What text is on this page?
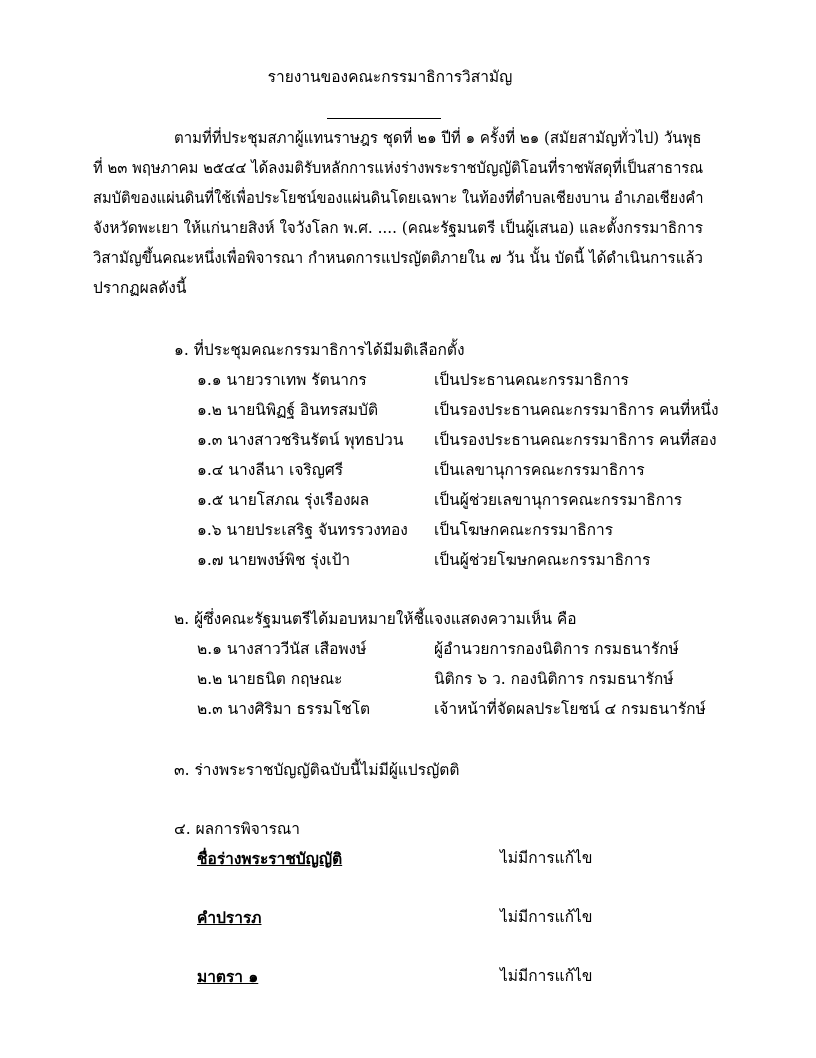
รายงานของคณะกรรมาธิการวิสามัญ
ตามที่ที่ประชุมสภาผู้แทนราษฎร ชุดที่ ๒๑ ปีที่ ๑ ครั้งที่ ๒๑ (สมัยสามัญทั่วไป) วันพุธ
ที่ ๒๓ พฤษภาคม ๒๕๔๔ ได้ลงมติรับหลักการแห่งร่างพระราชบัญญัติโอนที่ราชพัสดุที่เป็นสาธารณ
สมบัติของแผ่นดินที่ใช้เพื่อประโยชน์ของแผ่นดินโดยเฉพาะ ในท้องที่ตำบลเชียงบาน อำเภอเชียงคำ
จังหวัดพะเยา ให้แก่นายสิงห์ ใจวังโลก พ.ศ. .... (คณะรัฐมนตรี เป็นผู้เสนอ) และตั้งกรรมาธิการ
วิสามัญขึ้นคณะหนึ่งเพื่อพิจารณา กำหนดการแปรญัตติภายใน ๗ วัน นั้น บัดนี้ ได้ดำเนินการแล้ว
ปรากฏผลดังนี้
๑. ที่ประชุมคณะกรรมาธิการได้มีมติเลือกตั้ง
๑.๑ นายวราเทพ รัตนากร	เป็นประธานคณะกรรมาธิการ
๑.๒ นายนิพิฏฐ์ อินทรสมบัติ	เป็นรองประธานคณะกรรมาธิการ คนที่หนึ่ง
๑.๓ นางสาวชรินรัตน์ พุทธปวน เป็นรองประธานคณะกรรมาธิการ คนที่สอง
๑.๔ นางลีนา เจริญศรี	เป็นเลขานุการคณะกรรมาธิการ
๑.๕ นายโสภณ รุ่งเรืองผล	เป็นผู้ช่วยเลขานุการคณะกรรมาธิการ
๑.๖ นายประเสริฐ จันทรรวงทอง เป็นโฆษกคณะกรรมาธิการ
๑.๗ นายพงษ์พิช รุ่งเป้า	เป็นผู้ช่วยโฆษกคณะกรรมาธิการ
๒. ผู้ซึ่งคณะรัฐมนตรีได้มอบหมายให้ชี้แจงแสดงความเห็น คือ
๒.๑ นางสาววีนัส เสือพงษ์	ผู้อำนวยการกองนิติการ กรมธนารักษ์
๒.๒ นายธนิต กฤษณะ	นิติกร ๖ ว. กองนิติการ กรมธนารักษ์
๒.๓ นางศิริมา ธรรมโชโต	เจ้าหน้าที่จัดผลประโยชน์ ๔ กรมธนารักษ์
๓. ร่างพระราชบัญญัติฉบับนี้ไม่มีผู้แปรญัตติ
๔. ผลการพิจารณา
ชื่อร่างพระราชบัญญัติ	ไม่มีการแก้ไข
คำปรารภ	ไม่มีการแก้ไข
มาตรา ๑	ไม่มีการแก้ไข
